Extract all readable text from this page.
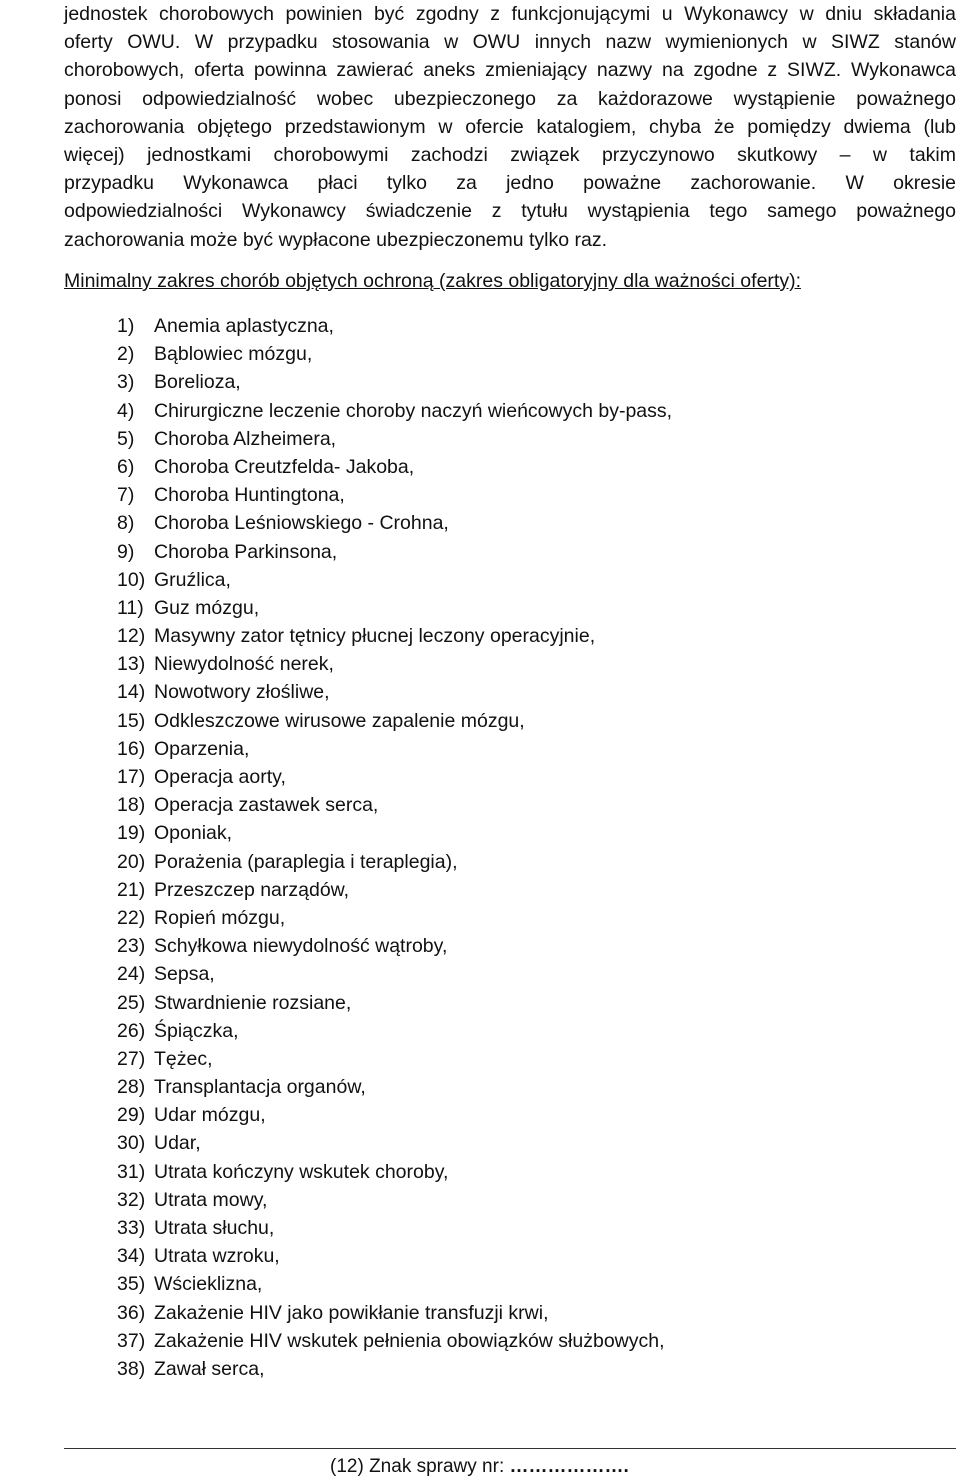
jednostek chorobowych powinien być zgodny z funkcjonującymi u Wykonawcy w dniu składania
oferty OWU. W przypadku stosowania w OWU innych nazw wymienionych w SIWZ stanów
chorobowych, oferta powinna zawierać aneks zmieniający nazwy na zgodne z SIWZ. Wykonawca
ponosi odpowiedzialność wobec ubezpieczonego za każdorazowe wystąpienie poważnego
zachorowania objętego przedstawionym w ofercie katalogiem, chyba że pomiędzy dwiema (lub
więcej) jednostkami chorobowymi zachodzi związek przyczynowo skutkowy – w takim
przypadku Wykonawca płaci tylko za jedno poważne zachorowanie. W okresie
odpowiedzialności Wykonawcy świadczenie z tytułu wystąpienia tego samego poważnego
zachorowania może być wypłacone ubezpieczonemu tylko raz.
Minimalny zakres chorób objętych ochroną (zakres obligatoryjny dla ważności oferty):
1)	Anemia aplastyczna,
2)	Bąblowiec mózgu,
3)	Borelioza,
4)	Chirurgiczne leczenie choroby naczyń wieńcowych by-pass,
5)	Choroba Alzheimera,
6)	Choroba Creutzfelda- Jakoba,
7)	Choroba Huntingtona,
8)	Choroba Leśniowskiego - Crohna,
9)	Choroba Parkinsona,
10) Gruźlica,
11) Guz mózgu,
12) Masywny zator tętnicy płucnej leczony operacyjnie,
13) Niewydolność nerek,
14) Nowotwory złośliwe,
15) Odkleszczowe wirusowe zapalenie mózgu,
16) Oparzenia,
17) Operacja aorty,
18) Operacja zastawek serca,
19) Oponiak,
20) Porażenia (paraplegia i teraplegia),
21) Przeszczep narządów,
22) Ropień mózgu,
23) Schyłkowa niewydolność wątroby,
24) Sepsa,
25) Stwardnienie rozsiane,
26) Śpiączka,
27) Tężec,
28) Transplantacja organów,
29) Udar mózgu,
30) Udar,
31) Utrata kończyny wskutek choroby,
32) Utrata mowy,
33) Utrata słuchu,
34) Utrata wzroku,
35) Wścieklizna,
36) Zakażenie HIV jako powikłanie transfuzji krwi,
37) Zakażenie HIV wskutek pełnienia obowiązków służbowych,
38) Zawał serca,
(12) Znak sprawy nr: ……………….
